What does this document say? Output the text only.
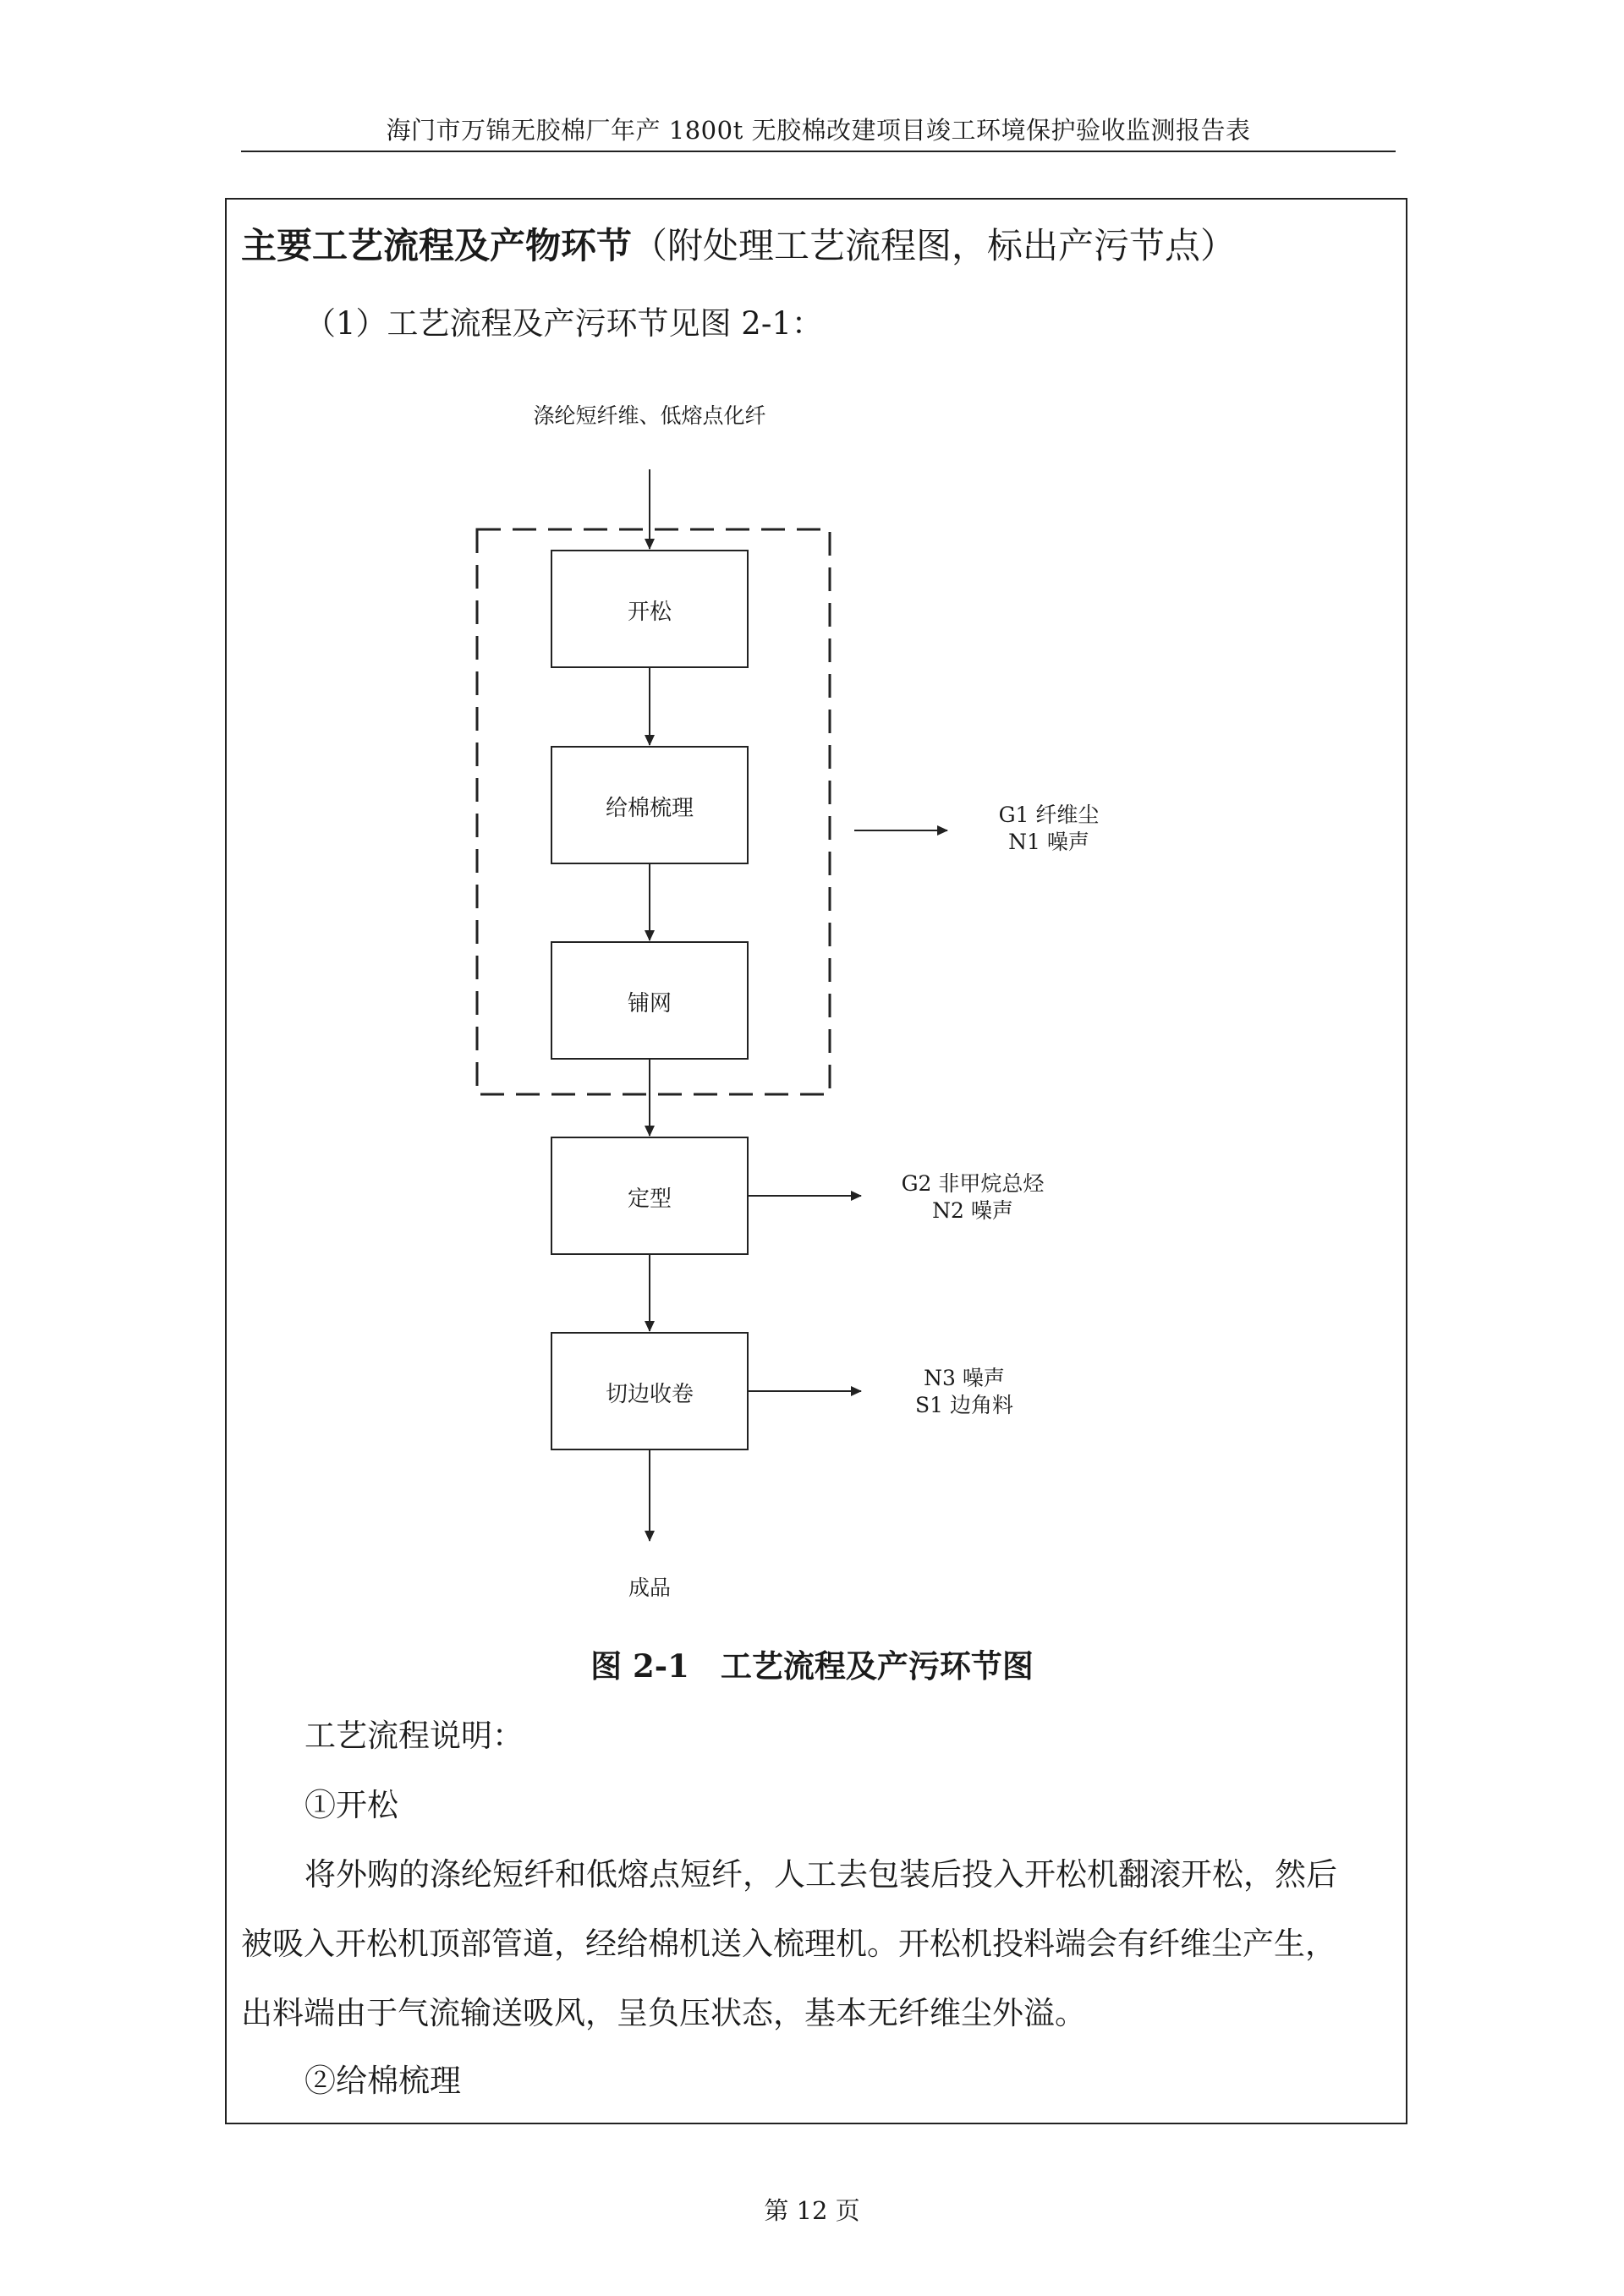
海门市万锦无胶棉厂年产 1800t 无胶棉改建项目竣工环境保护验收监测报告表
主要工艺流程及产物环节（附处理工艺流程图，标出产污节点）
（1）工艺流程及产污环节见图 2-1：
涤纶短纤维、低熔点化纤
开松
给棉梳理
铺网
定型
切边收卷
成品
G1 纤维尘
N1 噪声
G2 非甲烷总烃
N2 噪声
N3 噪声
S1 边角料
图 2-1　工艺流程及产污环节图
工艺流程说明：
①开松
将外购的涤纶短纤和低熔点短纤，人工去包装后投入开松机翻滚开松，然后
被吸入开松机顶部管道，经给棉机送入梳理机。开松机投料端会有纤维尘产生，
出料端由于气流输送吸风，呈负压状态，基本无纤维尘外溢。
②给棉梳理
第 12 页
